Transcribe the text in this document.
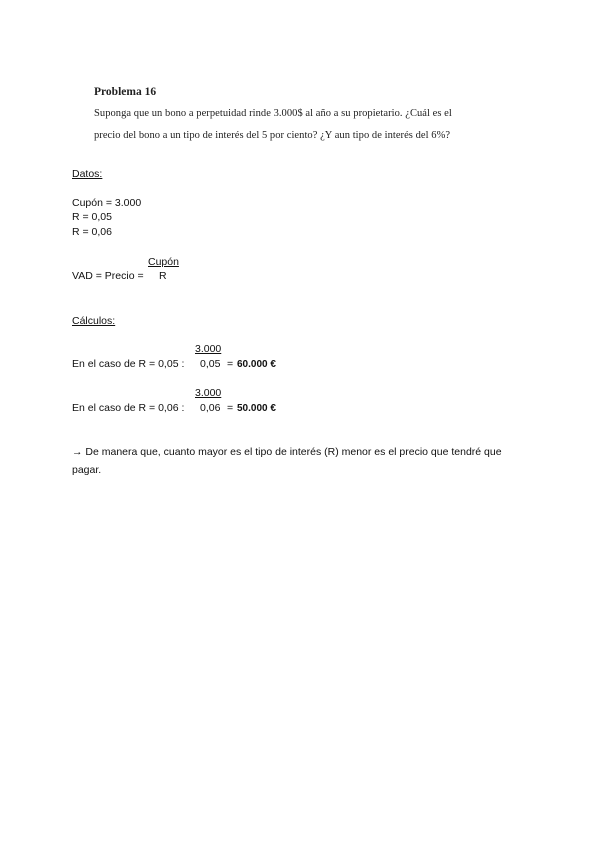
Problema 16
Suponga que un bono a perpetuidad rinde 3.000$ al año a su propietario. ¿Cuál es el
precio del bono a un tipo de interés del 5 por ciento? ¿Y aun tipo de interés del 6%?
Datos:
Cupón = 3.000
R = 0,05
R = 0,06
Cupón
VAD = Precio = R
Cálculos:
3.000
En el caso de R = 0,05 : 0,05 = 60.000 €
3.000
En el caso de R = 0,06 : 0,06 = 50.000 €
→ De manera que, cuanto mayor es el tipo de interés (R) menor es el precio que tendré que
pagar.
